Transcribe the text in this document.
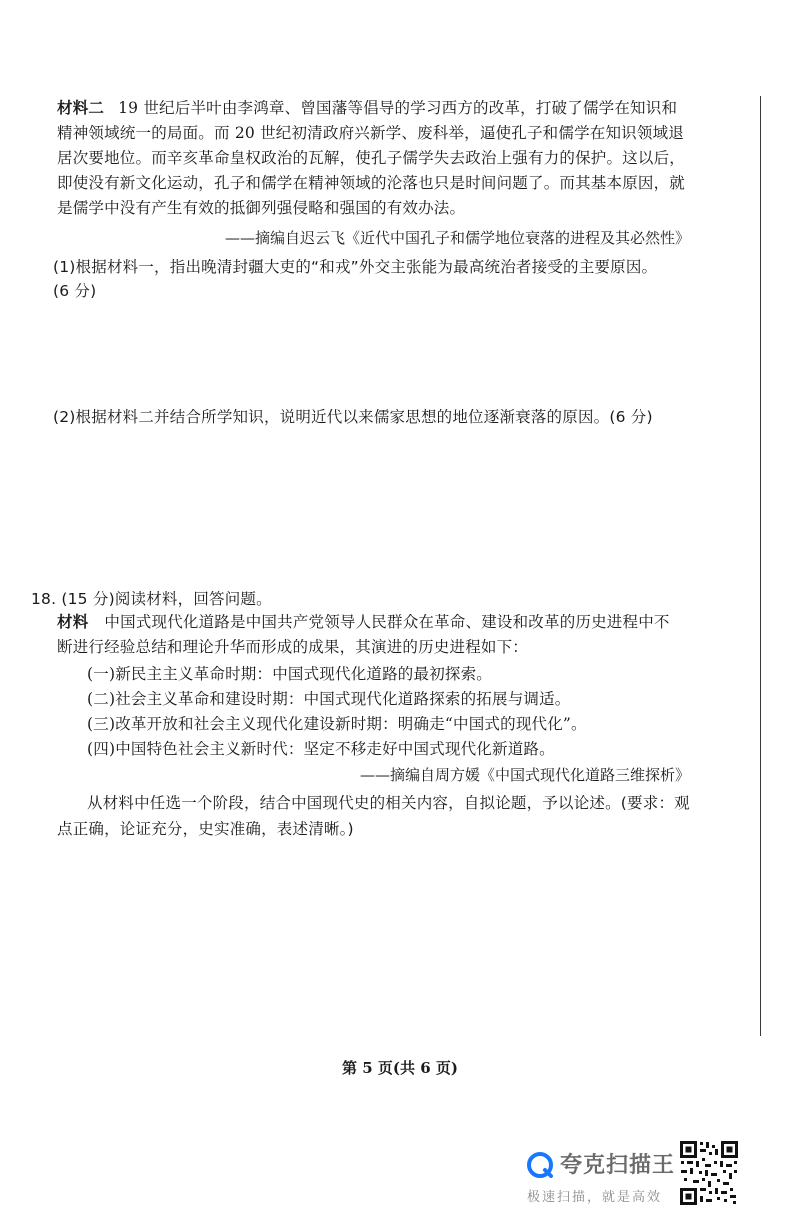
材料二 19 世纪后半叶由李鸿章、曾国藩等倡导的学习西方的改革，打破了儒学在知识和
精神领域统一的局面。而 20 世纪初清政府兴新学、废科举，逼使孔子和儒学在知识领域退
居次要地位。而辛亥革命皇权政治的瓦解，使孔子儒学失去政治上强有力的保护。这以后，
即使没有新文化运动，孔子和儒学在精神领域的沦落也只是时间问题了。而其基本原因，就
是儒学中没有产生有效的抵御列强侵略和强国的有效办法。
——摘编自迟云飞《近代中国孔子和儒学地位衰落的进程及其必然性》
(1)根据材料一，指出晚清封疆大吏的“和戎”外交主张能为最高统治者接受的主要原因。
(6 分)
(2)根据材料二并结合所学知识，说明近代以来儒家思想的地位逐渐衰落的原因。(6 分)
18. (15 分)阅读材料，回答问题。
材料 中国式现代化道路是中国共产党领导人民群众在革命、建设和改革的历史进程中不
断进行经验总结和理论升华而形成的成果，其演进的历史进程如下：
(一)新民主主义革命时期：中国式现代化道路的最初探索。
(二)社会主义革命和建设时期：中国式现代化道路探索的拓展与调适。
(三)改革开放和社会主义现代化建设新时期：明确走“中国式的现代化”。
(四)中国特色社会主义新时代：坚定不移走好中国式现代化新道路。
——摘编自周方媛《中国式现代化道路三维探析》
从材料中任选一个阶段，结合中国现代史的相关内容，自拟论题，予以论述。(要求：观
点正确，论证充分，史实准确，表述清晰。)
第 5 页(共 6 页)
夸克扫描王
极速扫描，就是高效
